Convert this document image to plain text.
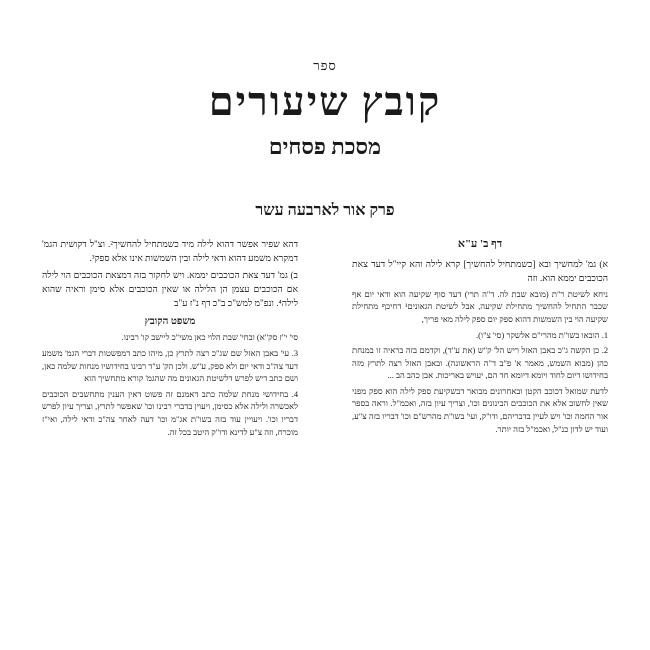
ספר
קובץ שיעורים
מסכת פסחים
פרק אור לארבעה עשר
דף ב' ע"א

א) גמ' למחשיך ובא [כשמתחיל להחשיך] קרא לילה והא קיי"ל דעד צאת הכוכבים יממא הוא. וזה

ניחא לשיטת ר"ת (מובא שבת לה. ד"ה תרי) דעד סוף שקיעה הוא ודאי יום אף שכבר התחיל להחשיך מתחילת שקיעה, אבל לשיטת הגאונים¹ דחיכף מתחילת שקיעה הוי בין השמשות דהוא ספק יום ספק לילה מאי פריך,

1. הובאו בשו"ת מהרי"ם אלשקר (סי' צ"ו).

2. כן הקשה ג"כ באבן האזל ריש הל' ק"ש (את ע"ד), וקדמם בזה בראיה זו במנחת כהן (מבוא השמש, מאמר א' פ"ב ד"ה הראשונה). ובאבן האזל רצה לתרץ מזה בחידושו דיום לחוד ויומא דיומא חד הם, יעויש באריכות. אבן כהב הב ...

לדעת שמואל דכוכב הקטן ובאחרונים מבואר דבשקיעת ספק לילה הוא ספק מפני שאין לחשוב אלא את הכוכבים הבינונים וכו', וצריך עיון בזה, ואכמ"ל. וראה בספר אור החמה וכו' ויש לעיין בדבריהם, ודו"ק, ועי' בשו"ת מהרש"ם וכו' דבריו בזה צ"ע, ועוד יש לדון כנ"ל, ואכמ"ל בזה יותר.

דהא שפיר אפשר דהוא לילה מיד כשמתחיל להחשיך². וצ"ל דקושית הגמ' דמקרא משמע דהוא ודאי לילה ובין השמשות אינו אלא ספק³.

ב) גמ' דעד צאת הכוכבים יממא. ויש לחקור בזה דמצאת הכוכבים הוי לילה אם הכוכבים עצמן הן הלילה או שאין הכוכבים אלא סימן וראיה שהוא לילה⁴. ונפ"מ למש"כ ב"כ דף נ"ז ע"ב

משפט הקובץ

סי' י"ז סק"א) ובחי' שבת הלוי כאן משי"כ ליישב קו' רבינו.

3. עי' באבן האזל שם שג"כ רצה לתרץ כן, מיהו כתב דמפשטות דברי הגמ' משמע דעד צה"כ ודאי יום ולא ספק, ע"ש. ולכן הק' ע"ד רבינו בחידושיו מנחות שלמה כאן, ושם כתב דיש לפרש דלשיטת הגאונים מה שהגמ' קורא מתחשיך הוא

4. בחידושי מנחת שלמה כתב דאמנם זה פשוט דאין הענין מתחשבים הכוכבים לאכשרה ולילה אלא כסימן, ויעוין בדברי רבינו וכו' שאפשר לתרץ, וצריך עיון לפרש דבריו וכו'. ויעויין עוד בזה בשו"ת אג"מ וכו' דעה לאחר צה"כ ודאי לילה, ואי"ז מוכרח, וזה צ"ע לדינא ודו"ק היטב בכל זה.
